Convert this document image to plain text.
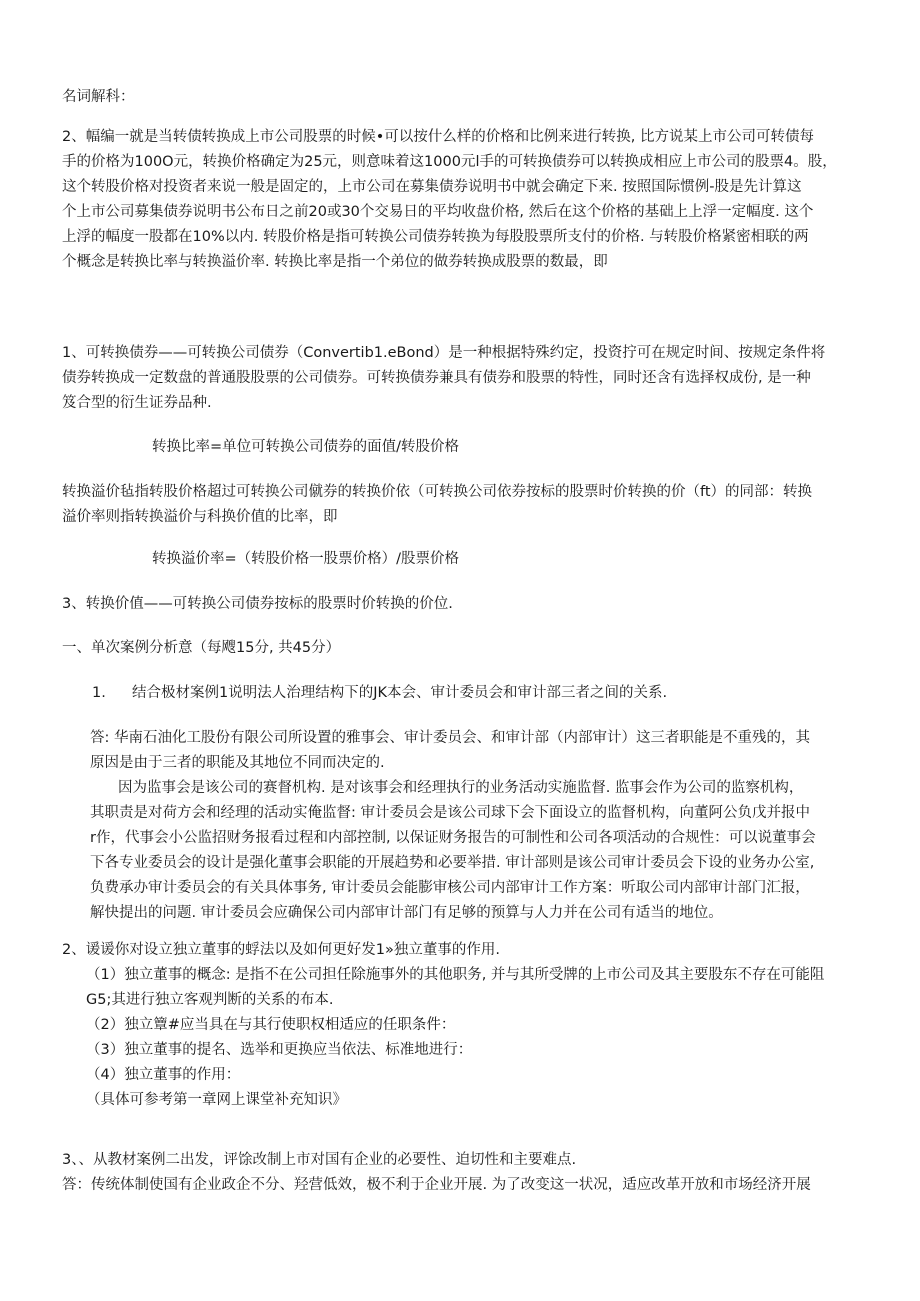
名词解科：

2、幅编一就是当转债转换成上市公司股票的时候•可以按什么样的价格和比例来进行转换, 比方说某上市公司可转债每
手的价格为100O元，转换价格确定为25元，则意味着这1000元l手的可转换债券可以转换成相应上市公司的股票4。股，
这个转股价格对投资者来说一般是固定的，上市公司在募集债券说明书中就会确定下来. 按照国际惯例-股是先计算这
个上市公司募集债券说明书公布日之前20或30个交易日的平均收盘价格, 然后在这个价格的基础上上浮一定幅度. 这个
上浮的幅度一股都在10%以内. 转股价格是指可转换公司债券转换为每股股票所支付的价格. 与转股价格紧密相联的两
个概念是转换比率与转换溢价率. 转换比率是指一个弟位的做券转换成股票的数最，即

1、可转换债券——可转换公司债券（Convertib1.eBond）是一种根据特殊约定，投资拧可在规定时间、按规定条件将
债券转换成一定数盘的普通股股票的公司债券。可转换债券兼具有债券和股票的特性，同时还含有选择权成份, 是一种
笈合型的衍生证券品种.

转换比率=单位可转换公司债券的面值/转股价格

转换溢价毡指转股价格超过可转换公司僦券的转换价依（可转换公司依券按标的股票时价转换的价（ft）的同部：转换
溢价率则指转换溢价与科换价值的比率，即

转换溢价率=（转股价格一股票价格）/股票价格

3、转换价值——可转换公司债券按标的股票时价转换的价位.

一、单次案例分析意（每飕15分, 共45分）

1. 结合极材案例1说明法人治理结构下的JK本会、审计委员会和审计部三者之间的关系.

答: 华南石油化工股份有限公司所设置的雅事会、审计委员会、和审计部（内部审计）这三者职能是不重残的，其
原因是由于三者的职能及其地位不同而决定的.
因为监事会是该公司的赛督机构. 是对该事会和经理执行的业务活动实施监督. 监事会作为公司的监察机构，
其职责是对荷方会和经理的活动实俺监督: 审计委员会是该公司球下会下面设立的监督机构，向董阿公负戊并报中
r作，代事会小公监招财务报看过程和内部控制, 以保证财务报告的可制性和公司各项活动的合规性：可以说董事会
下各专业委员会的设计是强化董事会职能的开展趋势和必要举措. 审计部则是该公司审计委员会下设的业务办公室,
负费承办审计委员会的有关具体事务, 审计委员会能膨审核公司内部审计工作方案：听取公司内部审计部门汇报，
解快提出的问题. 审计委员会应确保公司内部审计部门有足够的预算与人力并在公司有适当的地位。

2、谖谖你对设立独立董事的蜉法以及如何更好发1»独立董事的作用.

（1）独立董事的概念: 是指不在公司担任除施事外的其他职务, 并与其所受牌的上市公司及其主要股东不存在可能阻
G5;其进行独立客观判断的关系的布本.
（2）独立簟#应当具在与其行使职权相适应的任职条件：
（3）独立董事的提名、选举和更换应当依法、标准地进行：
（4）独立董事的作用：
（具体可参考第一章网上课堂补充知识》

3、、从教材案例二出发，评馀改制上市对国有企业的必要性、迫切性和主要难点.

答：传统体制使国有企业政企不分、羟营低效，极不利于企业开展. 为了改变这一状况，适应改革开放和市场经济开展
